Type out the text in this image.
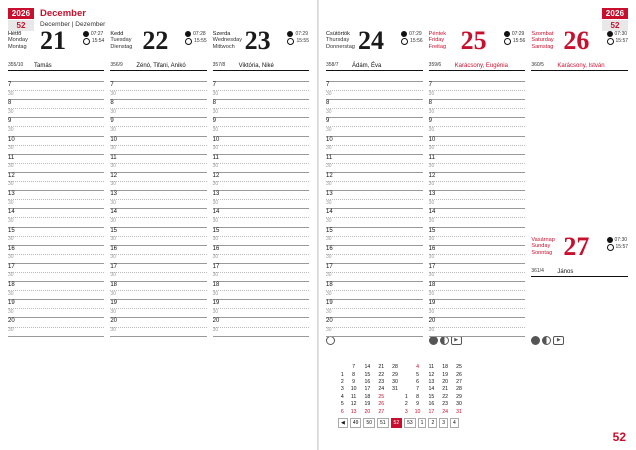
2026
52
December
December | Dezember
Hétfő
Monday
Montag 21	07:27
15:54
355/10 Tamás
7
30
8
30
9
30
10
30
11
30
12
30
13
30
14
30
15
30
16
30
17
30
18
30
19
30
20
30
Kedd
Tuesday
Dienstag 22	07:28
15:55
356/9 Zénó, Tifani, Anikó
7
30
8
30
9
30
10
30
11
30
12
30
13
30
14
30
15
30
16
30
17
30
18
30
19
30
20
30
Szerda
Wednesday
Mittwoch 23	07:29
15:55
357/8 Viktória, Niké
7
30
8
30
9
30
10
30
11
30
12
30
13
30
14
30
15
30
16
30
17
30
18
30
19
30
20
30
2026
52
Csütörtök
Thursday
Donnerstag 24	07:29
15:56
358/7 Ádám, Éva
7
30
8
30
9
30
10
30
11
30
12
30
13
30
14
30
15
30
16
30
17
30
18
30
19
30
20
30
Péntek
Friday
Freitag 25	07:29
15:56
359/6 Karácsony, Eugénia
▶
7
30
8
30
9
30
10
30
11
30
12
30
13
30
14
30
15
30
16
30
17
30
18
30
19
30
20
30
Szombat
Saturday
Samstag 26	07:30
15:57
360/5 Karácsony, István
▶
Vasárnap
Sunday
Sonntag 27	07:30
15:57
361/4 János
52
	7	14	21	28		4	11	18	25
1	8	15	22	29		5	12	19	26
2	9	16	23	30		6	13	20	27
3	10	17	24	31		7	14	21	28
4	11	18	25		1	8	15	22	29
5	12	19	26		2	9	16	23	30
6	13	20	27		3	10	17	24	31
◀	49	50	51	52	53	1	2	3	4
